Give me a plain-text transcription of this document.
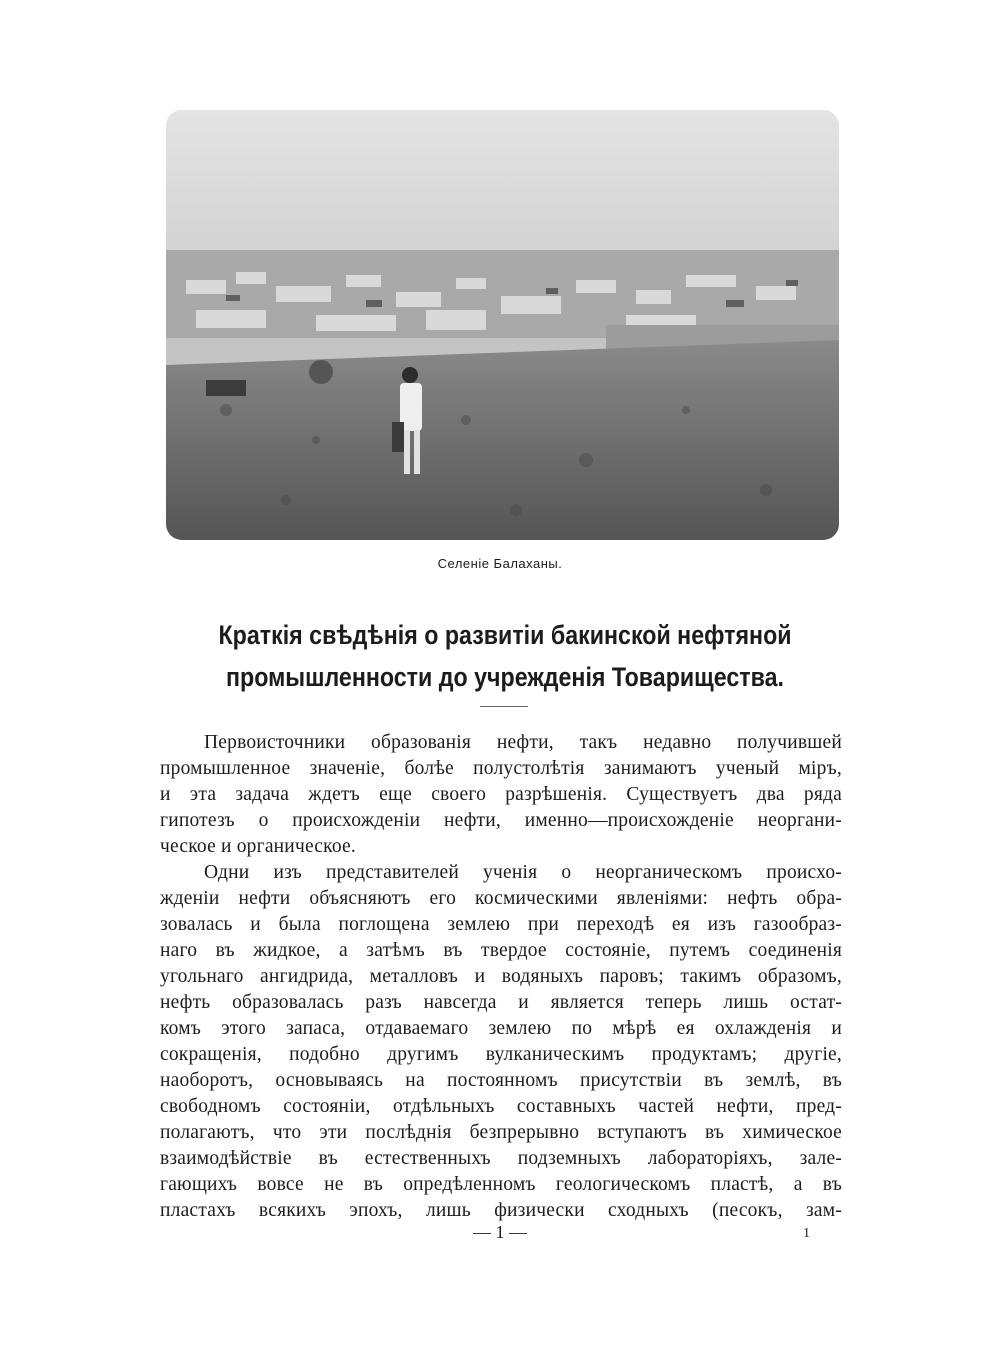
Селеніе Балаханы.
Краткія свѣдѣнія о развитіи бакинской нефтяной
промышленности до учрежденія Товарищества.
Первоисточники образованія нефти, такъ недавно получившей
промышленное значеніе, болѣе полустолѣтія занимаютъ ученый міръ,
и эта задача ждетъ еще своего разрѣшенія. Существуетъ два ряда
гипотезъ о происхожденіи нефти, именно—происхожденіе неоргани-
ческое и органическое.
Одни изъ представителей ученія о неорганическомъ происхо-
жденіи нефти объясняютъ его космическими явленіями: нефть обра-
зовалась и была поглощена землею при переходѣ ея изъ газообраз-
наго въ жидкое, а затѣмъ въ твердое состояніе, путемъ соединенія
угольнаго ангидрида, металловъ и водяныхъ паровъ; такимъ образомъ,
нефть образовалась разъ навсегда и является теперь лишь остат-
комъ этого запаса, отдаваемаго землею по мѣрѣ ея охлажденія и
сокращенія, подобно другимъ вулканическимъ продуктамъ; другіе,
наоборотъ, основываясь на постоянномъ присутствіи въ землѣ, въ
свободномъ состояніи, отдѣльныхъ составныхъ частей нефти, пред-
полагаютъ, что эти послѣднія безпрерывно вступаютъ въ химическое
взаимодѣйствіе въ естественныхъ подземныхъ лабораторіяхъ, зале-
гающихъ вовсе не въ опредѣленномъ геологическомъ пластѣ, а въ
пластахъ всякихъ эпохъ, лишь физически сходныхъ (песокъ, зам-
— 1 —	1
